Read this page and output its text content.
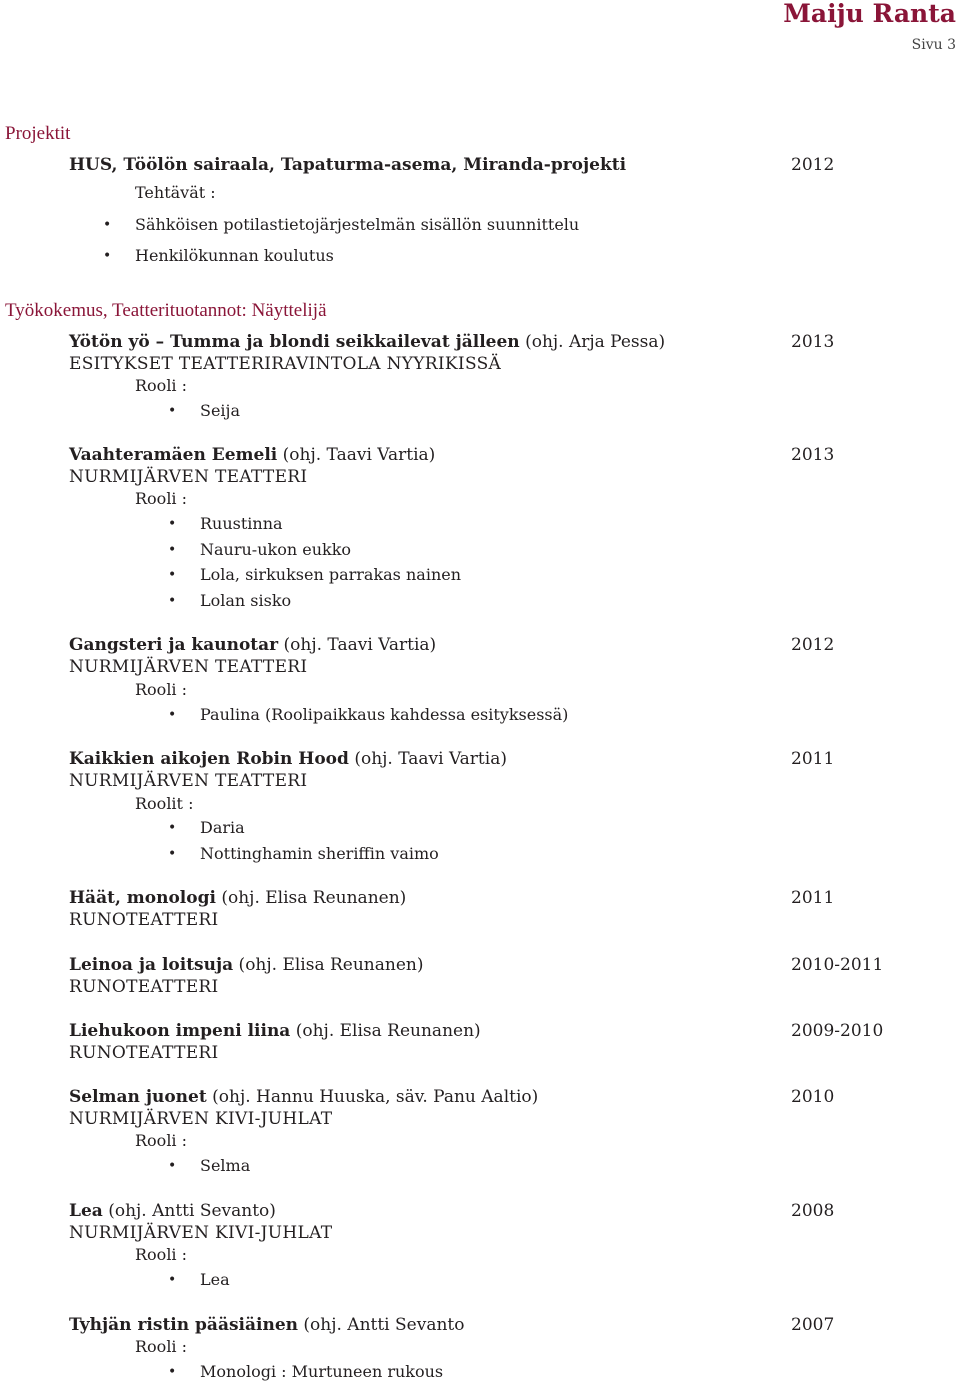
Maiju Ranta
Sivu 3
Projektit
HUS, Töölön sairaala, Tapaturma-asema, Miranda-projekti	2012
Tehtävät :
• Sähköisen potilastietojärjestelmän sisällön suunnittelu
• Henkilökunnan koulutus
Työkokemus, Teatterituotannot: Näyttelijä
Yötön yö – Tumma ja blondi seikkailevat jälleen (ohj. Arja Pessa)	2013
ESITYKSET TEATTERIRAVINTOLA NYYRIKISSÄ
Rooli :
• Seija
Vaahteramäen Eemeli (ohj. Taavi Vartia)	2013
NURMIJÄRVEN TEATTERI
Rooli :
• Ruustinna
• Nauru-ukon eukko
• Lola, sirkuksen parrakas nainen
• Lolan sisko
Gangsteri ja kaunotar (ohj. Taavi Vartia)	2012
NURMIJÄRVEN TEATTERI
Rooli :
• Paulina (Roolipaikkaus kahdessa esityksessä)
Kaikkien aikojen Robin Hood (ohj. Taavi Vartia)	2011
NURMIJÄRVEN TEATTERI
Roolit :
• Daria
• Nottinghamin sheriffin vaimo
Häät, monologi (ohj. Elisa Reunanen)	2011
RUNOTEATTERI
Leinoa ja loitsuja (ohj. Elisa Reunanen)	2010-2011
RUNOTEATTERI
Liehukoon impeni liina (ohj. Elisa Reunanen)	2009-2010
RUNOTEATTERI
Selman juonet (ohj. Hannu Huuska, säv. Panu Aaltio)	2010
NURMIJÄRVEN KIVI-JUHLAT
Rooli :
• Selma
Lea (ohj. Antti Sevanto)	2008
NURMIJÄRVEN KIVI-JUHLAT
Rooli :
• Lea
Tyhjän ristin pääsiäinen (ohj. Antti Sevanto	2007
Rooli :
• Monologi : Murtuneen rukous
